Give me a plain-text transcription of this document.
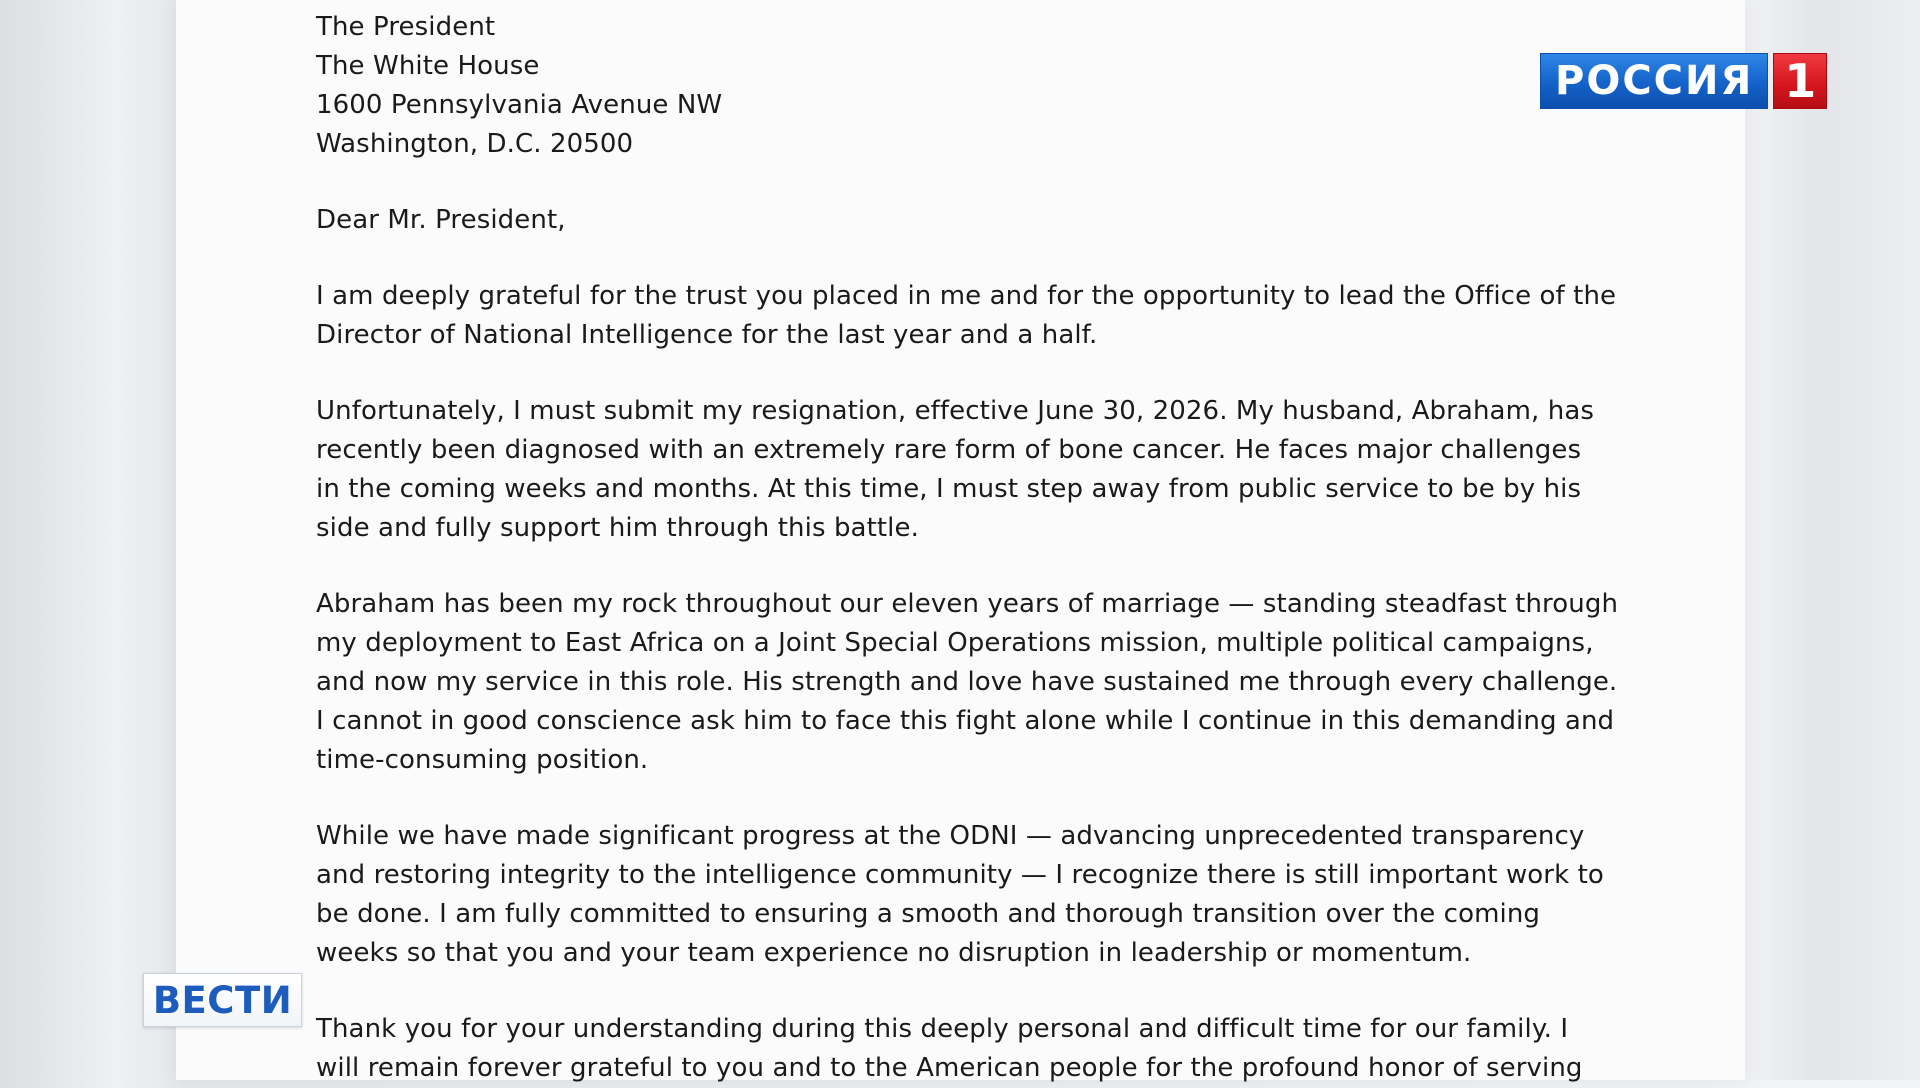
The President
The White House
1600 Pennsylvania Avenue NW
Washington, D.C. 20500
Dear Mr. President,
I am deeply grateful for the trust you placed in me and for the opportunity to lead the Office of the
Director of National Intelligence for the last year and a half.
Unfortunately, I must submit my resignation, effective June 30, 2026. My husband, Abraham, has
recently been diagnosed with an extremely rare form of bone cancer. He faces major challenges
in the coming weeks and months. At this time, I must step away from public service to be by his
side and fully support him through this battle.
Abraham has been my rock throughout our eleven years of marriage — standing steadfast through
my deployment to East Africa on a Joint Special Operations mission, multiple political campaigns,
and now my service in this role. His strength and love have sustained me through every challenge.
I cannot in good conscience ask him to face this fight alone while I continue in this demanding and
time-consuming position.
While we have made significant progress at the ODNI — advancing unprecedented transparency
and restoring integrity to the intelligence community — I recognize there is still important work to
be done. I am fully committed to ensuring a smooth and thorough transition over the coming
weeks so that you and your team experience no disruption in leadership or momentum.
Thank you for your understanding during this deeply personal and difficult time for our family. I
will remain forever grateful to you and to the American people for the profound honor of serving
РОССИЯ 1
ВЕСТИ
